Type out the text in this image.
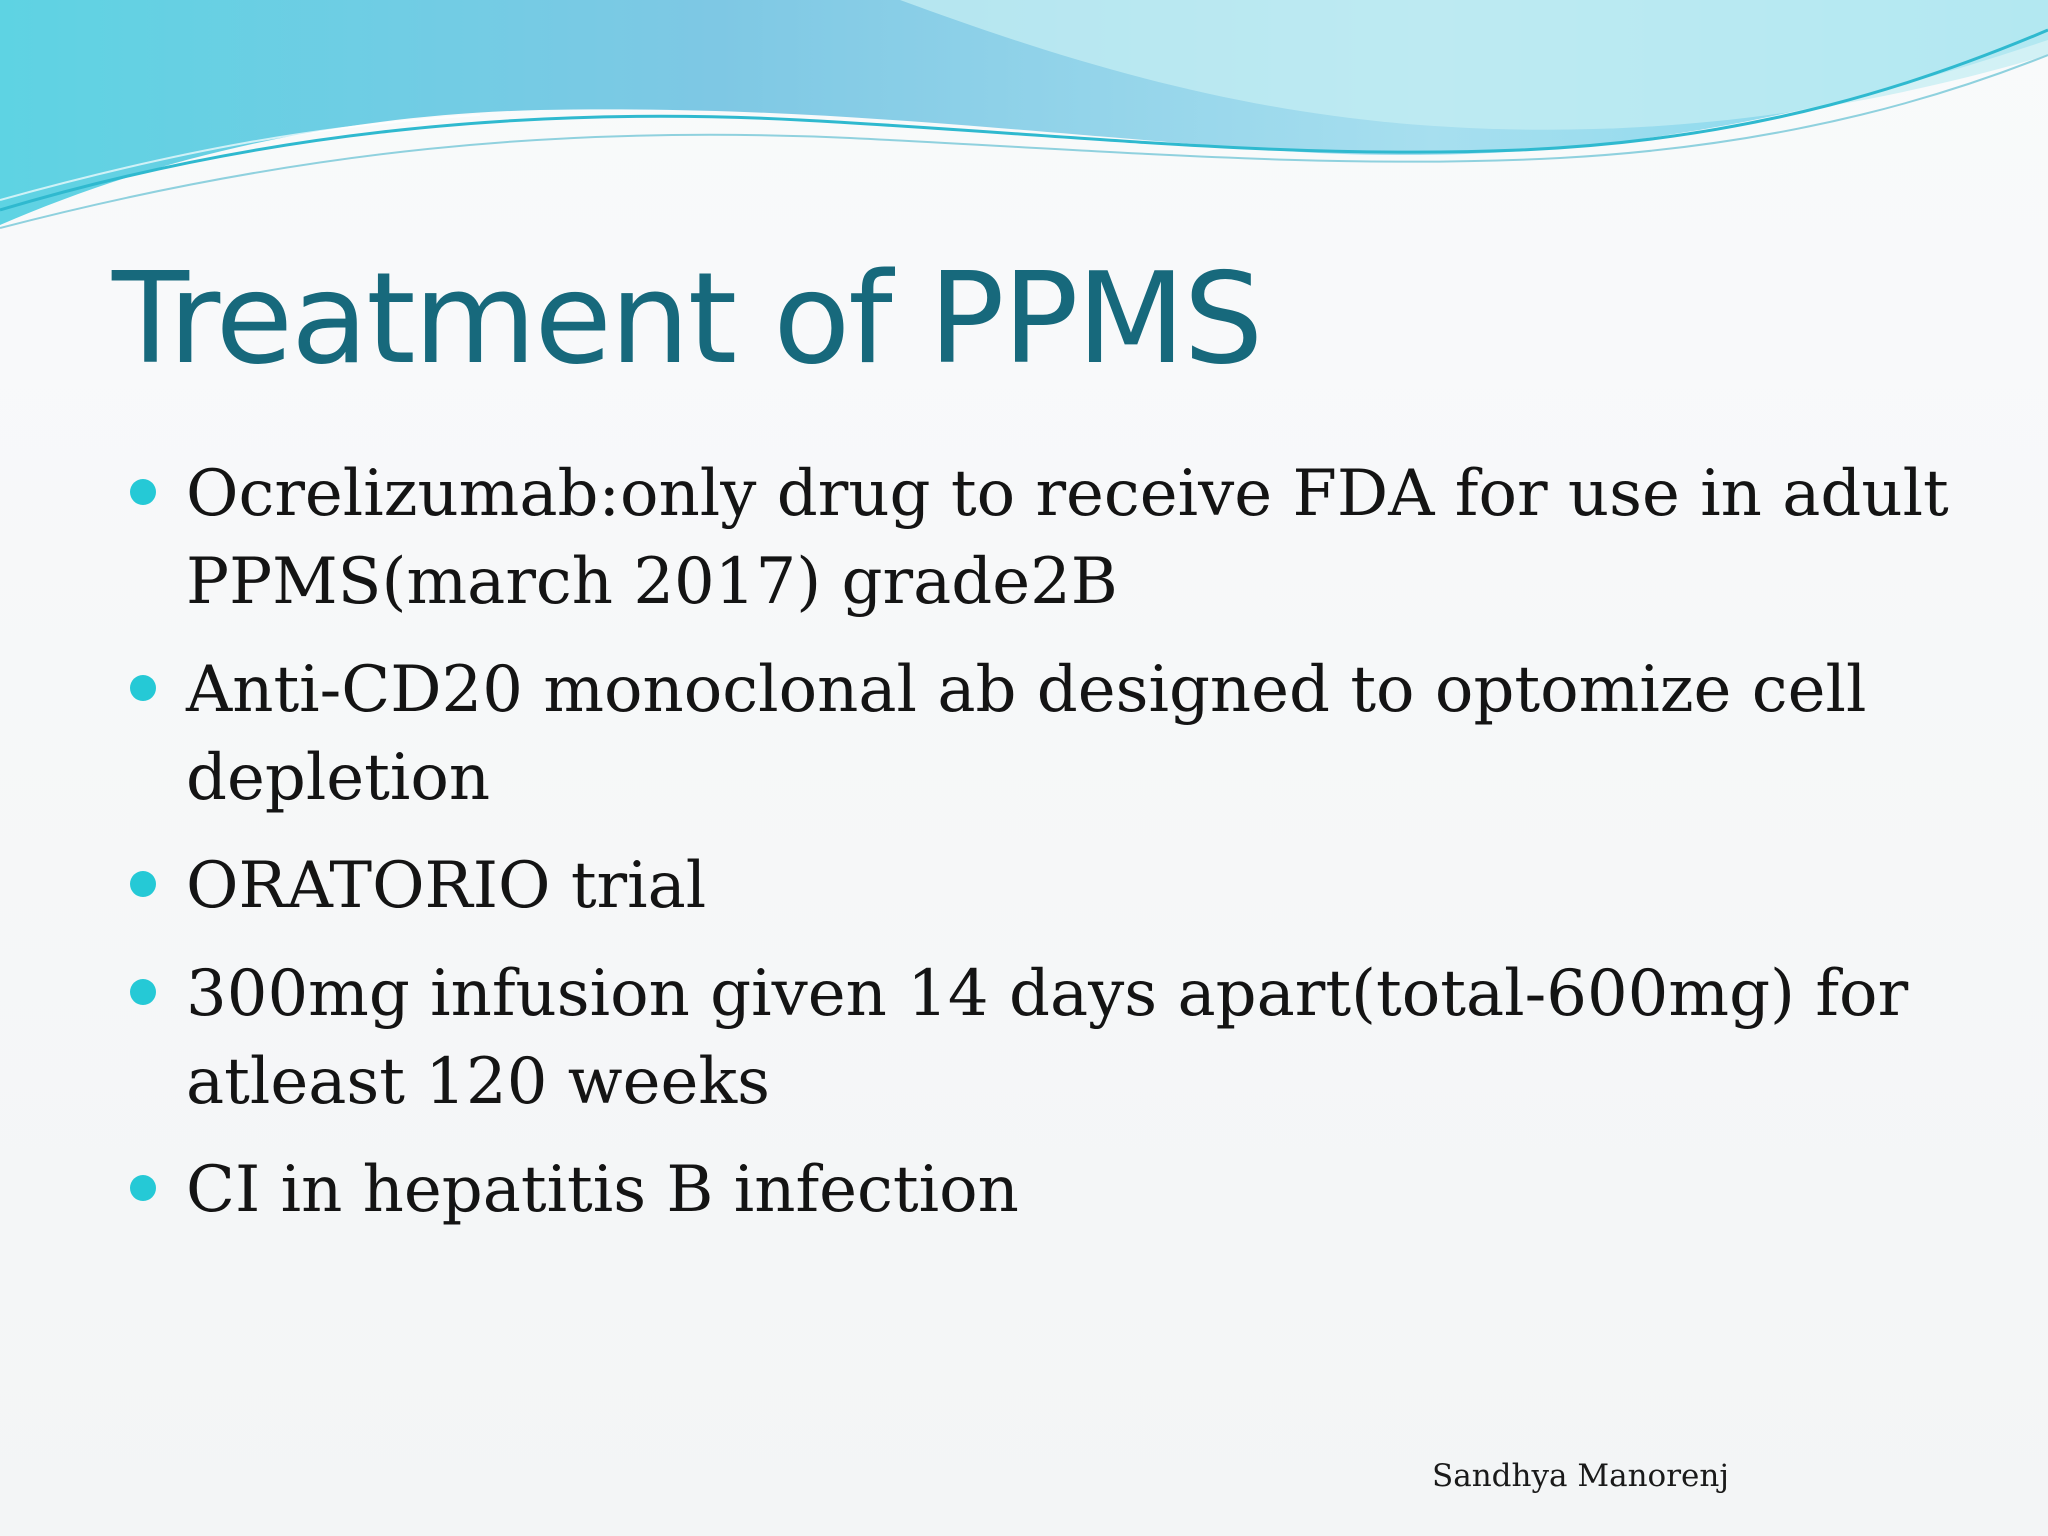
Treatment of PPMS
Ocrelizumab:only drug to receive FDA for use in adult PPMS(march 2017) grade2B
Anti-CD20 monoclonal ab designed to optomize cell depletion
ORATORIO trial
300mg infusion given 14 days apart(total-600mg) for atleast 120 weeks
CI in hepatitis B infection
Sandhya Manorenj
